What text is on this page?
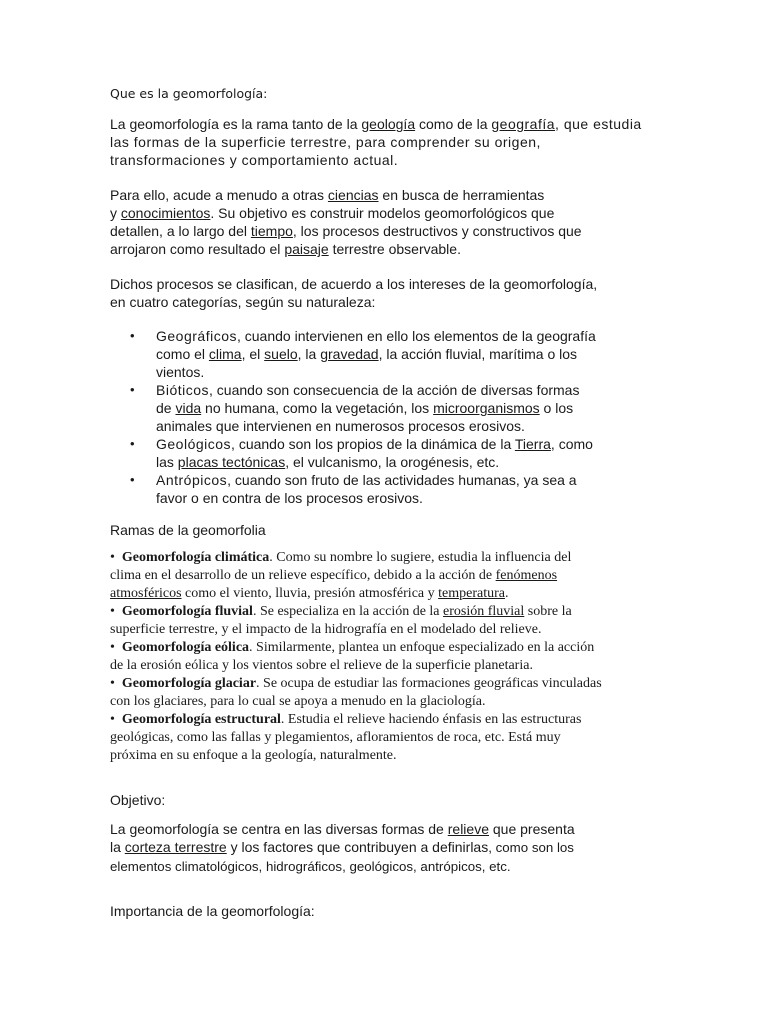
Que es la geomorfología:

La geomorfología es la rama tanto de la geología como de la geografía, que estudia
las formas de la superficie terrestre, para comprender su origen,
transformaciones y comportamiento actual.

Para ello, acude a menudo a otras ciencias en busca de herramientas
y conocimientos. Su objetivo es construir modelos geomorfológicos que
detallen, a lo largo del tiempo, los procesos destructivos y constructivos que
arrojaron como resultado el paisaje terrestre observable.

Dichos procesos se clasifican, de acuerdo a los intereses de la geomorfología,
en cuatro categorías, según su naturaleza:

• Geográficos, cuando intervienen en ello los elementos de la geografía
como el clima, el suelo, la gravedad, la acción fluvial, marítima o los
vientos.
• Bióticos, cuando son consecuencia de la acción de diversas formas
de vida no humana, como la vegetación, los microorganismos o los
animales que intervienen en numerosos procesos erosivos.
• Geológicos, cuando son los propios de la dinámica de la Tierra, como
las placas tectónicas, el vulcanismo, la orogénesis, etc.
• Antrópicos, cuando son fruto de las actividades humanas, ya sea a
favor o en contra de los procesos erosivos.

Ramas de la geomorfolia

•  Geomorfología climática. Como su nombre lo sugiere, estudia la influencia del
clima en el desarrollo de un relieve específico, debido a la acción de fenómenos
atmosféricos como el viento, lluvia, presión atmosférica y temperatura.

•  Geomorfología fluvial. Se especializa en la acción de la erosión fluvial sobre la
superficie terrestre, y el impacto de la hidrografía en el modelado del relieve.

•  Geomorfología eólica. Similarmente, plantea un enfoque especializado en la acción
de la erosión eólica y los vientos sobre el relieve de la superficie planetaria.

•  Geomorfología glaciar. Se ocupa de estudiar las formaciones geográficas vinculadas
con los glaciares, para lo cual se apoya a menudo en la glaciología.

•  Geomorfología estructural. Estudia el relieve haciendo énfasis en las estructuras
geológicas, como las fallas y plegamientos, afloramientos de roca, etc. Está muy
próxima en su enfoque a la geología, naturalmente.

Objetivo:

La geomorfología se centra en las diversas formas de relieve que presenta
la corteza terrestre y los factores que contribuyen a definirlas, como son los
elementos climatológicos, hidrográficos, geológicos, antrópicos, etc.

Importancia de la geomorfología:
